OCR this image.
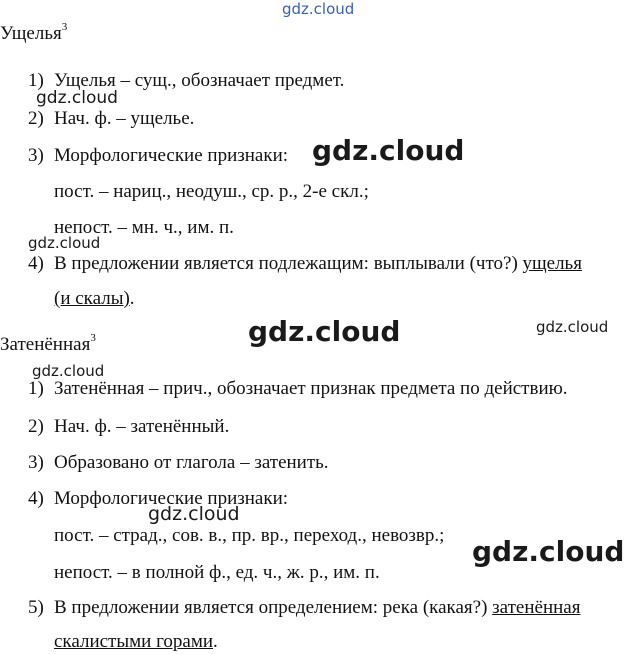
gdz.cloud
gdz.cloud
gdz.cloud
gdz.cloud
gdz.cloud	gdz.cloud
gdz.cloud
gdz.cloud
gdz.cloud
Ущелья$^3$
1) Ущелья – сущ., обозначает предмет.
2) Нач. ф. – ущелье.
3) Морфологические признаки:
пост. – нариц., неодуш., ср. р., 2-е скл.;
непост. – мн. ч., им. п.
4) В предложении является подлежащим: выплывали (что?) ущелья
(и скалы).
Затенённая$^3$
1) Затенённая – прич., обозначает признак предмета по действию.
2) Нач. ф. – затенённый.
3) Образовано от глагола – затенить.
4) Морфологические признаки:
пост. – страд., сов. в., пр. вр., переход., невозвр.;
непост. – в полной ф., ед. ч., ж. р., им. п.
5) В предложении является определением: река (какая?) затенённая
скалистыми горами.
